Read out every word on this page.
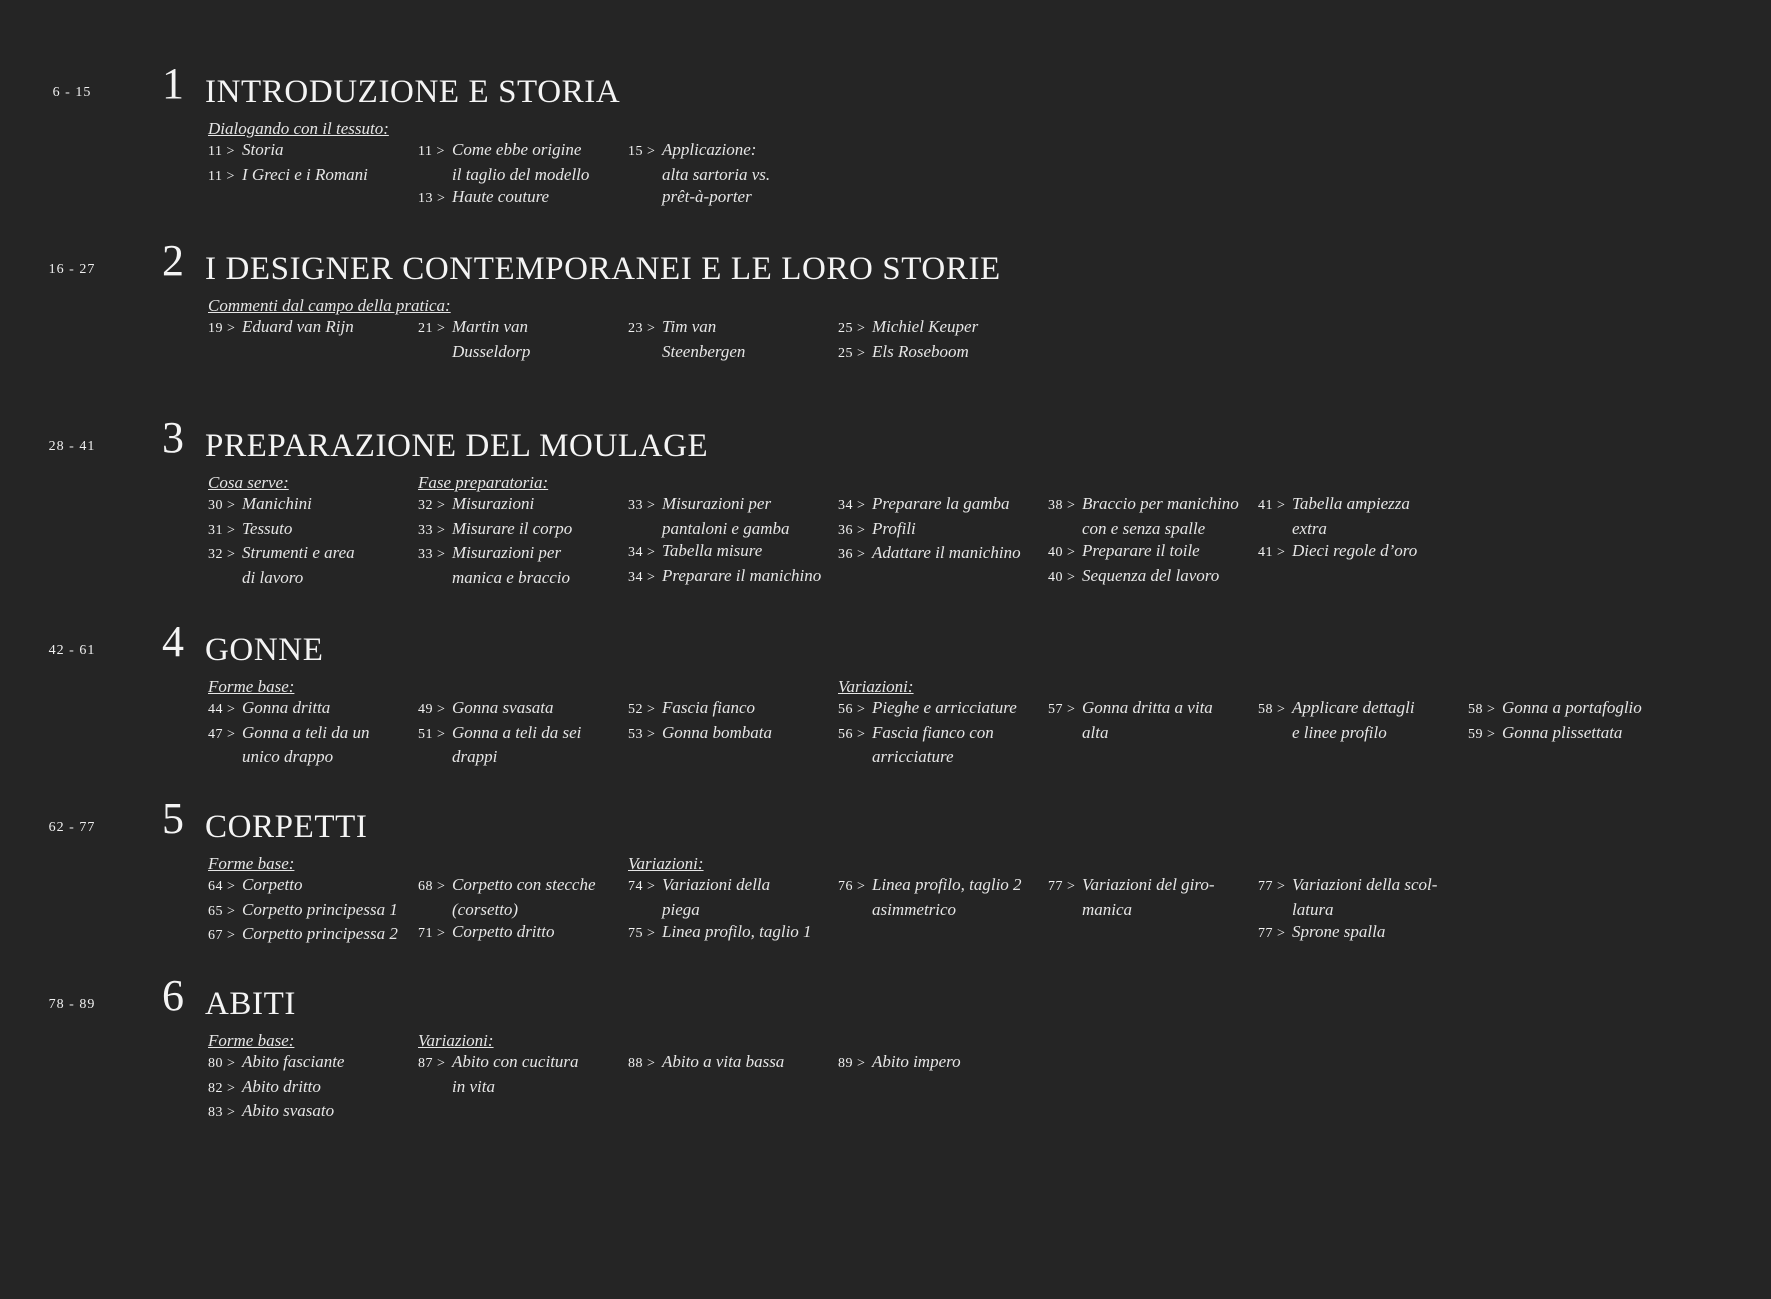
6 - 15 1 INTRODUZIONE E STORIA
Dialogando con il tessuto:
11 > Storia
11 > I Greci e i Romani
11 > Come ebbe origine
il taglio del modello
13 > Haute couture
15 > Applicazione:
alta sartoria vs.
prêt-à-porter
16 - 27 2 I DESIGNER CONTEMPORANEI E LE LORO STORIE
Commenti dal campo della pratica:
19 > Eduard van Rijn	21 > Martin van
Dusseldorp
23 > Tim van
Steenbergen
25 > Michiel Keuper
25 > Els Roseboom
28 - 41 3 PREPARAZIONE DEL MOULAGE
Cosa serve:
30 > Manichini
31 > Tessuto
32 > Strumenti e area
di lavoro
Fase preparatoria:
32 > Misurazioni
33 > Misurare il corpo
33 > Misurazioni per
manica e braccio
33 > Misurazioni per
pantaloni e gamba
34 > Tabella misure
34 > Preparare il manichino
34 > Preparare la gamba
36 > Profili
36 > Adattare il manichino
38 > Braccio per manichino
con e senza spalle
40 > Preparare il toile
40 > Sequenza del lavoro
41 > Tabella ampiezza
extra
41 > Dieci regole d’oro
42 - 61 4 GONNE
Forme base:
44 > Gonna dritta
47 > Gonna a teli da un
unico drappo
49 > Gonna svasata
51 > Gonna a teli da sei
drappi
52 > Fascia fianco
53 > Gonna bombata
Variazioni:
56 > Pieghe e arricciature
56 > Fascia fianco con
arricciature
57 > Gonna dritta a vita
alta
58 > Applicare dettagli
e linee profilo
58 > Gonna a portafoglio
59 > Gonna plissettata
62 - 77 5 CORPETTI
Forme base:
64 > Corpetto
65 > Corpetto principessa 1
67 > Corpetto principessa 2
68 > Corpetto con stecche
(corsetto)
71 > Corpetto dritto
Variazioni:
74 > Variazioni della
piega
75 > Linea profilo, taglio 1
76 > Linea profilo, taglio 2
asimmetrico
77 > Variazioni del giro-
manica
77 > Variazioni della scol-
latura
77 > Sprone spalla
78 - 89 6 ABITI
Forme base:
80 > Abito fasciante
82 > Abito dritto
83 > Abito svasato
Variazioni:
87 > Abito con cucitura
in vita
88 > Abito a vita bassa	89 > Abito impero
